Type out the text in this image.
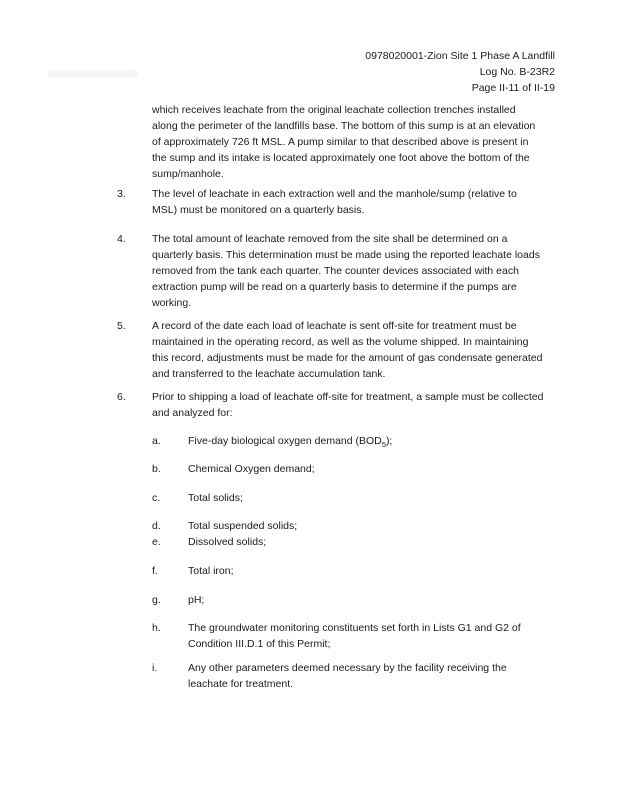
0978020001-Zion Site 1 Phase A Landfill
Log No. B-23R2
Page II-11 of II-19

which receives leachate from the original leachate collection trenches installed along the perimeter of the landfills base. The bottom of this sump is at an elevation of approximately 726 ft MSL. A pump similar to that described above is present in the sump and its intake is located approximately one foot above the bottom of the sump/manhole.

3. The level of leachate in each extraction well and the manhole/sump (relative to MSL) must be monitored on a quarterly basis.

4. The total amount of leachate removed from the site shall be determined on a quarterly basis. This determination must be made using the reported leachate loads removed from the tank each quarter. The counter devices associated with each extraction pump will be read on a quarterly basis to determine if the pumps are working.

5. A record of the date each load of leachate is sent off-site for treatment must be maintained in the operating record, as well as the volume shipped. In maintaining this record, adjustments must be made for the amount of gas condensate generated and transferred to the leachate accumulation tank.

6. Prior to shipping a load of leachate off-site for treatment, a sample must be collected and analyzed for:

a.	Five-day biological oxygen demand $(BOD_5)$;

b.	Chemical Oxygen demand;

c.	Total solids;

d.	Total suspended solids;

e.	Dissolved solids;

f.	Total iron;

g.	pH;

h.	The groundwater monitoring constituents set forth in Lists G1 and G2 of Condition III.D.1 of this Permit;

i.	Any other parameters deemed necessary by the facility receiving the leachate for treatment.
